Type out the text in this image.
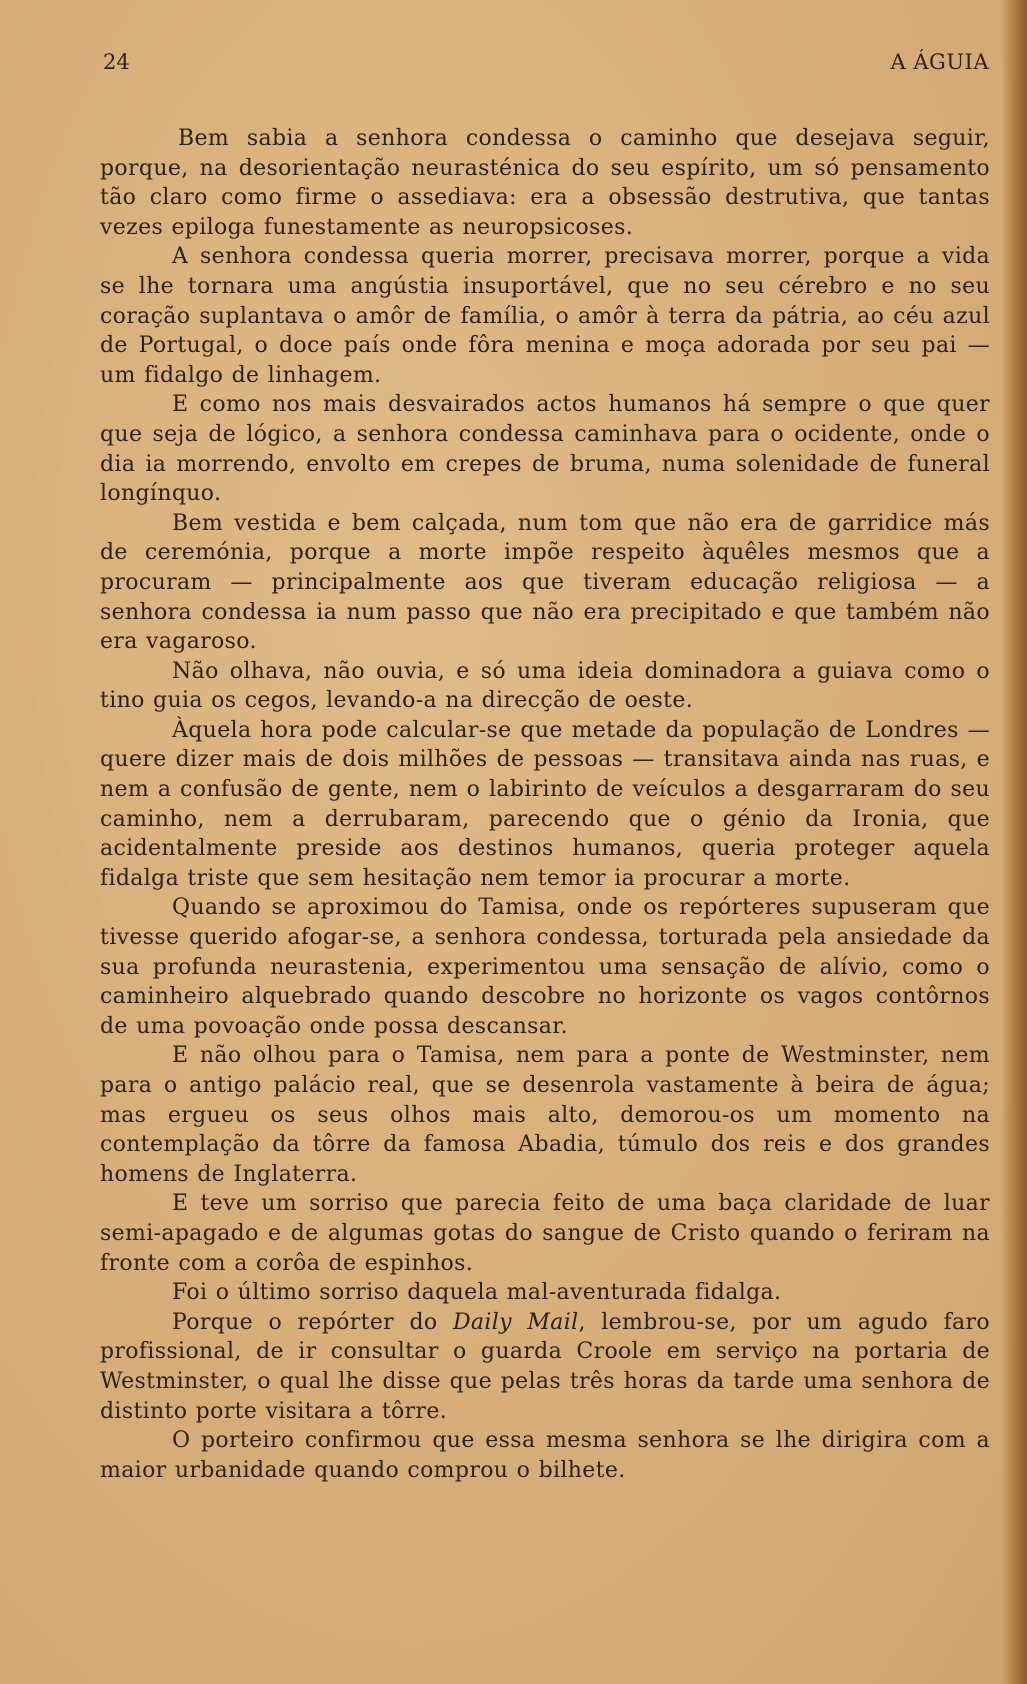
24	A ÁGUIA

Bem sabia a senhora condessa o caminho que desejava seguir, porque, na desorientação neurasténica do seu espírito, um só pensamento tão claro como firme o assediava: era a obsessão destrutiva, que tantas vezes epiloga funestamente as neuropsicoses.

A senhora condessa queria morrer, precisava morrer, porque a vida se lhe tornara uma angústia insuportável, que no seu cérebro e no seu coração suplantava o amôr de família, o amôr à terra da pátria, ao céu azul de Portugal, o doce país onde fôra menina e moça adorada por seu pai — um fidalgo de linhagem.

E como nos mais desvairados actos humanos há sempre o que quer que seja de lógico, a senhora condessa caminhava para o ocidente, onde o dia ia morrendo, envolto em crepes de bruma, numa solenidade de funeral longínquo.

Bem vestida e bem calçada, num tom que não era de garridice más de ceremónia, porque a morte impõe respeito àquêles mesmos que a procuram — principalmente aos que tiveram educação religiosa — a senhora condessa ia num passo que não era precipitado e que também não era vagaroso.

Não olhava, não ouvia, e só uma ideia dominadora a guiava como o tino guia os cegos, levando-a na direcção de oeste.

Àquela hora pode calcular-se que metade da população de Londres — quere dizer mais de dois milhões de pessoas — transitava ainda nas ruas, e nem a confusão de gente, nem o labirinto de veículos a desgarraram do seu caminho, nem a derrubaram, parecendo que o génio da Ironia, que acidentalmente preside aos destinos humanos, queria proteger aquela fidalga triste que sem hesitação nem temor ia procurar a morte.

Quando se aproximou do Tamisa, onde os repórteres supuseram que tivesse querido afogar-se, a senhora condessa, torturada pela ansiedade da sua profunda neurastenia, experimentou uma sensação de alívio, como o caminheiro alquebrado quando descobre no horizonte os vagos contôrnos de uma povoação onde possa descansar.

E não olhou para o Tamisa, nem para a ponte de Westminster, nem para o antigo palácio real, que se desenrola vastamente à beira de água; mas ergueu os seus olhos mais alto, demorou-os um momento na contemplação da tôrre da famosa Abadia, túmulo dos reis e dos grandes homens de Inglaterra.

E teve um sorriso que parecia feito de uma baça claridade de luar semi-apagado e de algumas gotas do sangue de Cristo quando o feriram na fronte com a corôa de espinhos.

Foi o último sorriso daquela mal-aventurada fidalga.

Porque o repórter do Daily Mail, lembrou-se, por um agudo faro profissional, de ir consultar o guarda Croole em serviço na portaria de Westminster, o qual lhe disse que pelas três horas da tarde uma senhora de distinto porte visitara a tôrre.

O porteiro confirmou que essa mesma senhora se lhe dirigira com a maior urbanidade quando comprou o bilhete.
